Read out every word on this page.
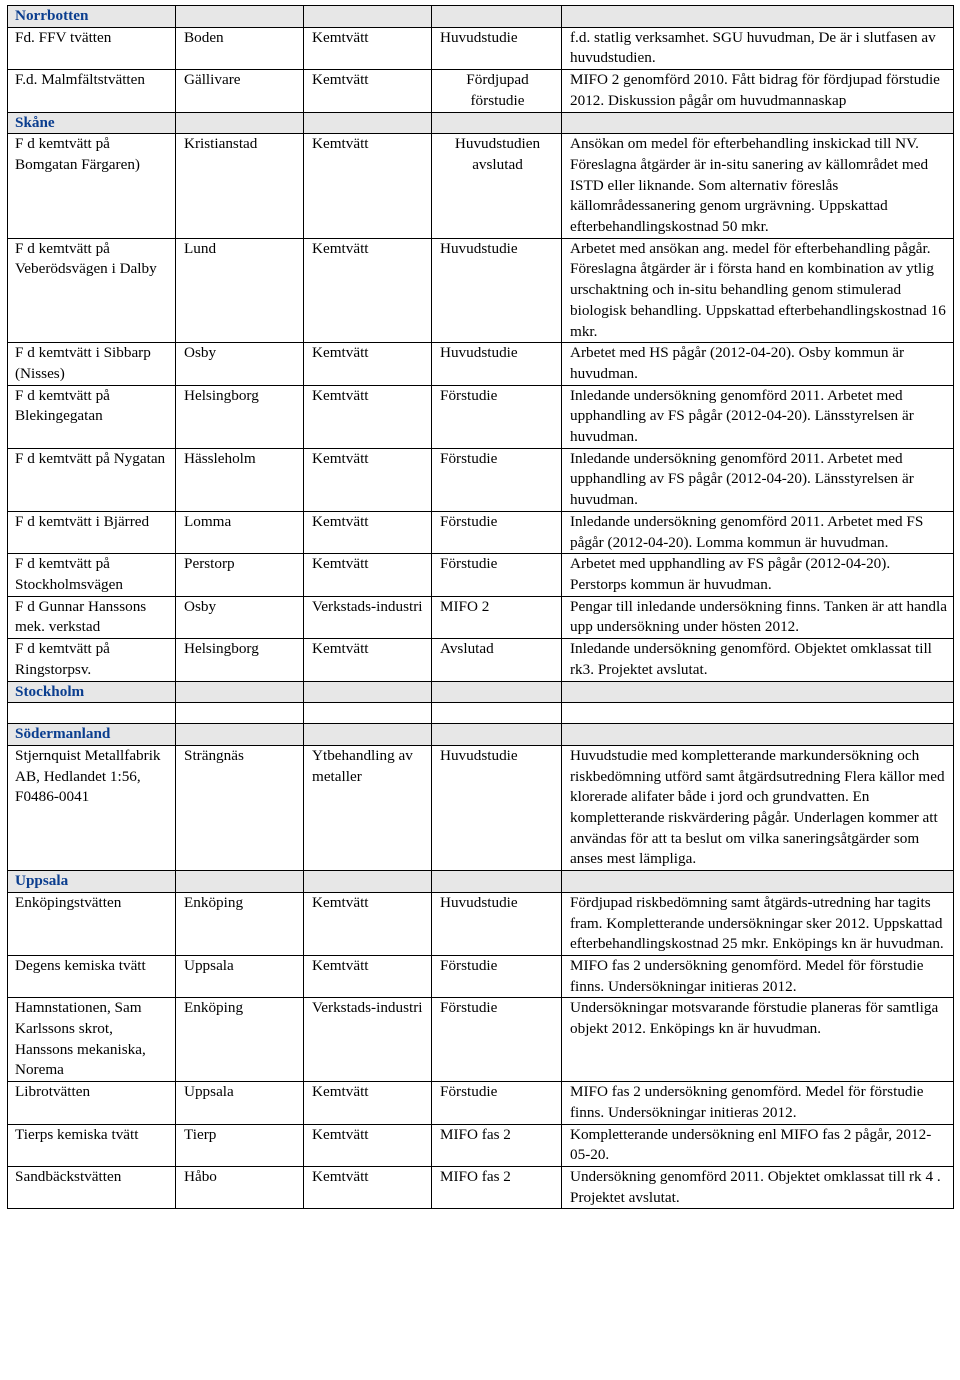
Norrbotten				
Fd. FFV tvätten	Boden	Kemtvätt	Huvudstudie	f.d. statlig verksamhet. SGU huvudman, De är i slutfasen av huvudstudien.
F.d. Malmfältstvätten	Gällivare	Kemtvätt	Fördjupad förstudie	MIFO 2 genomförd 2010. Fått bidrag för fördjupad förstudie 2012. Diskussion pågår om huvudmannaskap
Skåne				
F d kemtvätt på Bomgatan Färgaren)	Kristianstad	Kemtvätt	Huvudstudien avslutad	Ansökan om medel för efterbehandling inskickad till NV. Föreslagna åtgärder är in-situ sanering av källområdet med ISTD eller liknande. Som alternativ föreslås källområdessanering genom urgrävning. Uppskattad efterbehandlingskostnad 50 mkr.
F d kemtvätt på Veberödsvägen i Dalby	Lund	Kemtvätt	Huvudstudie	Arbetet med ansökan ang. medel för efterbehandling pågår. Föreslagna åtgärder är i första hand en kombination av ytlig urschaktning och in-situ behandling genom stimulerad biologisk behandling. Uppskattad efterbehandlingskostnad 16 mkr.
F d kemtvätt i Sibbarp (Nisses)	Osby	Kemtvätt	Huvudstudie	Arbetet med HS pågår (2012-04-20). Osby kommun är huvudman.
F d kemtvätt på Blekingegatan	Helsingborg	Kemtvätt	Förstudie	Inledande undersökning genomförd 2011. Arbetet med upphandling av FS pågår (2012-04-20). Länsstyrelsen är huvudman.
F d kemtvätt på Nygatan	Hässleholm	Kemtvätt	Förstudie	Inledande undersökning genomförd 2011. Arbetet med upphandling av FS pågår (2012-04-20). Länsstyrelsen är huvudman.
F d kemtvätt i Bjärred	Lomma	Kemtvätt	Förstudie	Inledande undersökning genomförd 2011. Arbetet med FS pågår (2012-04-20). Lomma kommun är huvudman.
F d kemtvätt på Stockholmsvägen	Perstorp	Kemtvätt	Förstudie	Arbetet med upphandling av FS pågår (2012-04-20). Perstorps kommun är huvudman.
F d Gunnar Hanssons mek. verkstad	Osby	Verkstads-industri	MIFO 2	Pengar till inledande undersökning finns. Tanken är att handla upp undersökning under hösten 2012.
F d kemtvätt på Ringstorpsv.	Helsingborg	Kemtvätt	Avslutad	Inledande undersökning genomförd. Objektet omklassat till rk3. Projektet avslutat.
Stockholm				

Södermanland				
Stjernquist Metallfabrik AB, Hedlandet 1:56, F0486-0041	Strängnäs	Ytbehandling av metaller	Huvudstudie	Huvudstudie med kompletterande markundersökning och riskbedömning utförd samt åtgärdsutredning Flera källor med klorerade alifater både i jord och grundvatten. En kompletterande riskvärdering pågår. Underlagen kommer att användas för att ta beslut om vilka saneringsåtgärder som anses mest lämpliga.
Uppsala				
Enköpingstvätten	Enköping	Kemtvätt	Huvudstudie	Fördjupad riskbedömning samt åtgärds-utredning har tagits fram. Kompletterande undersökningar sker 2012. Uppskattad efterbehandlingskostnad 25 mkr. Enköpings kn är huvudman.
Degens kemiska tvätt	Uppsala	Kemtvätt	Förstudie	MIFO fas 2 undersökning genomförd. Medel för förstudie finns. Undersökningar initieras 2012.
Hamnstationen, Sam Karlssons skrot, Hanssons mekaniska, Norema	Enköping	Verkstads-industri	Förstudie	Undersökningar motsvarande förstudie planeras för samtliga objekt 2012. Enköpings kn är huvudman.
Librotvätten	Uppsala	Kemtvätt	Förstudie	MIFO fas 2 undersökning genomförd. Medel för förstudie finns. Undersökningar initieras 2012.
Tierps kemiska tvätt	Tierp	Kemtvätt	MIFO fas 2	Kompletterande undersökning enl MIFO fas 2 pågår, 2012-05-20.
Sandbäckstvätten	Håbo	Kemtvätt	MIFO fas 2	Undersökning genomförd 2011. Objektet omklassat till rk 4 . Projektet avslutat.
